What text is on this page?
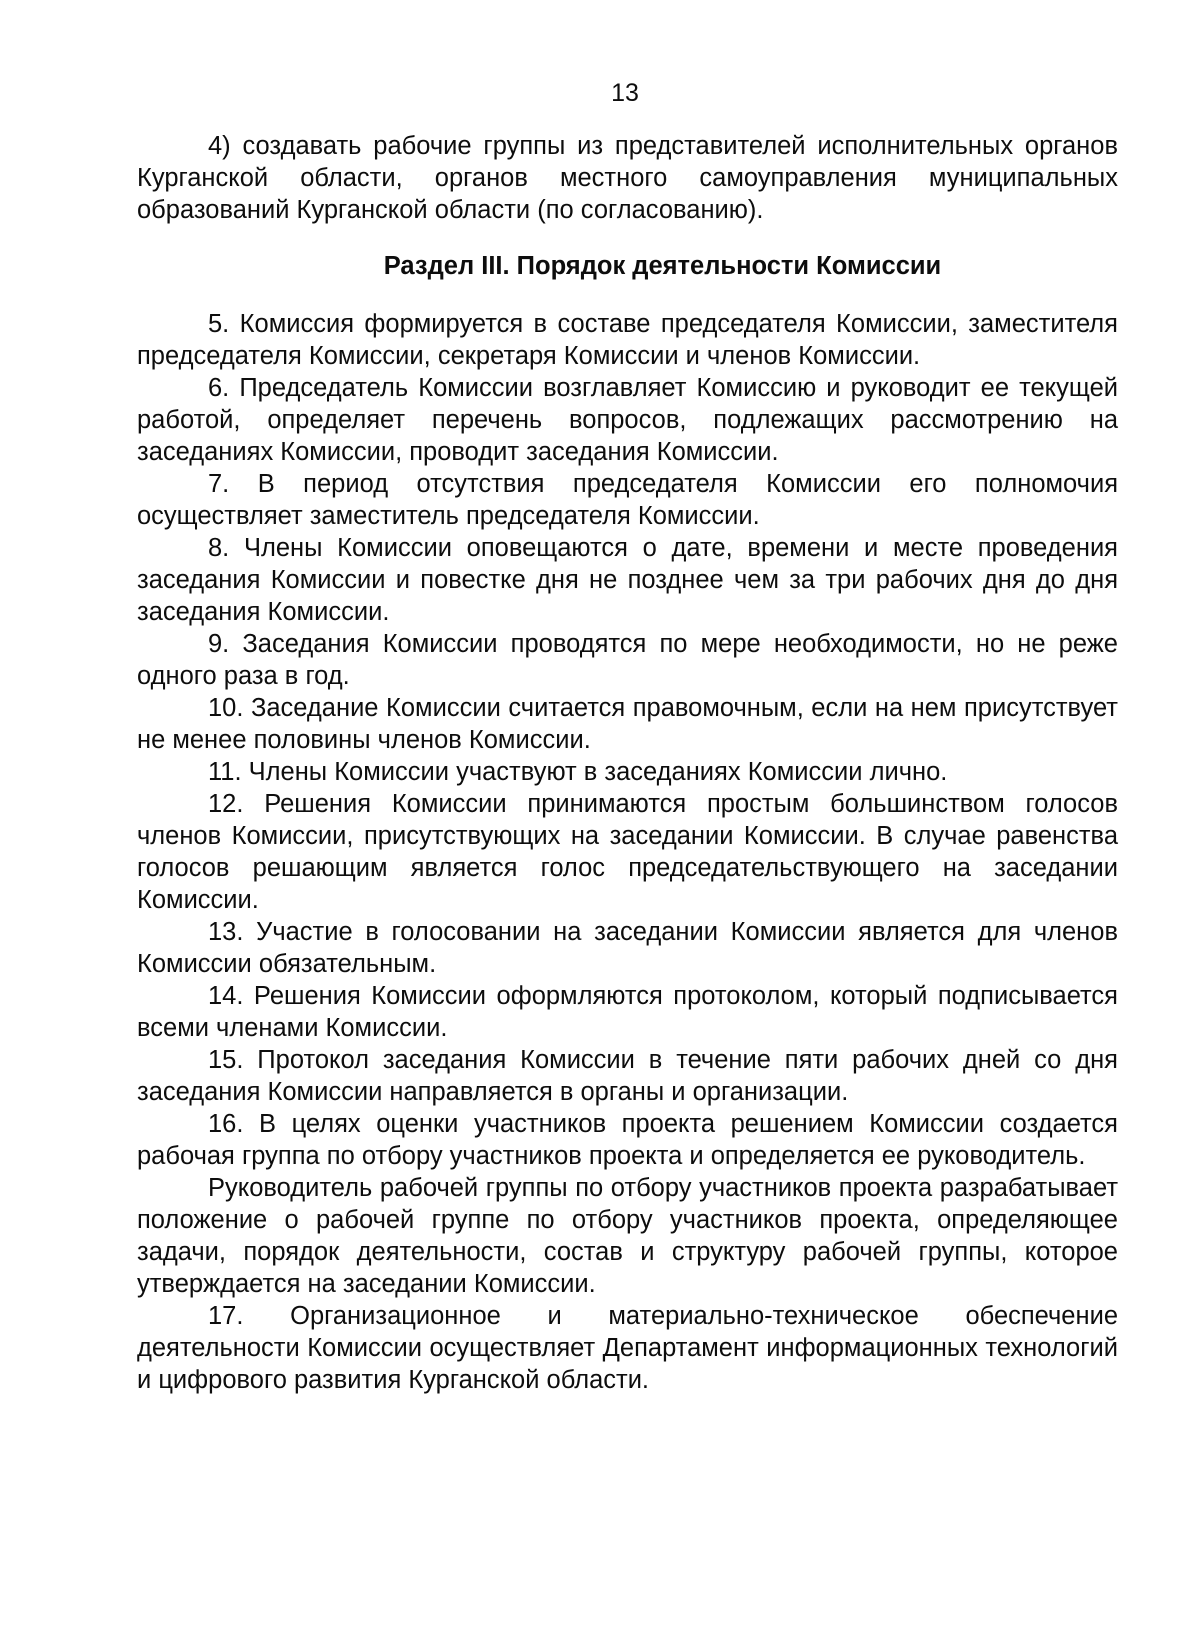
13

4) создавать рабочие группы из представителей исполнительных органов Курганской области, органов местного самоуправления муниципальных образований Курганской области (по согласованию).

Раздел III. Порядок деятельности Комиссии

5. Комиссия формируется в составе председателя Комиссии, заместителя председателя Комиссии, секретаря Комиссии и членов Комиссии.

6. Председатель Комиссии возглавляет Комиссию и руководит ее текущей работой, определяет перечень вопросов, подлежащих рассмотрению на заседаниях Комиссии, проводит заседания Комиссии.

7. В период отсутствия председателя Комиссии его полномочия осуществляет заместитель председателя Комиссии.

8. Члены Комиссии оповещаются о дате, времени и месте проведения заседания Комиссии и повестке дня не позднее чем за три рабочих дня до дня заседания Комиссии.

9. Заседания Комиссии проводятся по мере необходимости, но не реже одного раза в год.

10. Заседание Комиссии считается правомочным, если на нем присутствует не менее половины членов Комиссии.

11. Члены Комиссии участвуют в заседаниях Комиссии лично.

12. Решения Комиссии принимаются простым большинством голосов членов Комиссии, присутствующих на заседании Комиссии. В случае равенства голосов решающим является голос председательствующего на заседании Комиссии.

13. Участие в голосовании на заседании Комиссии является для членов Комиссии обязательным.

14. Решения Комиссии оформляются протоколом, который подписывается всеми членами Комиссии.

15. Протокол заседания Комиссии в течение пяти рабочих дней со дня заседания Комиссии направляется в органы и организации.

16. В целях оценки участников проекта решением Комиссии создается рабочая группа по отбору участников проекта и определяется ее руководитель.

Руководитель рабочей группы по отбору участников проекта разрабатывает положение о рабочей группе по отбору участников проекта, определяющее задачи, порядок деятельности, состав и структуру рабочей группы, которое утверждается на заседании Комиссии.

17. Организационное и материально-техническое обеспечение деятельности Комиссии осуществляет Департамент информационных технологий и цифрового развития Курганской области.
